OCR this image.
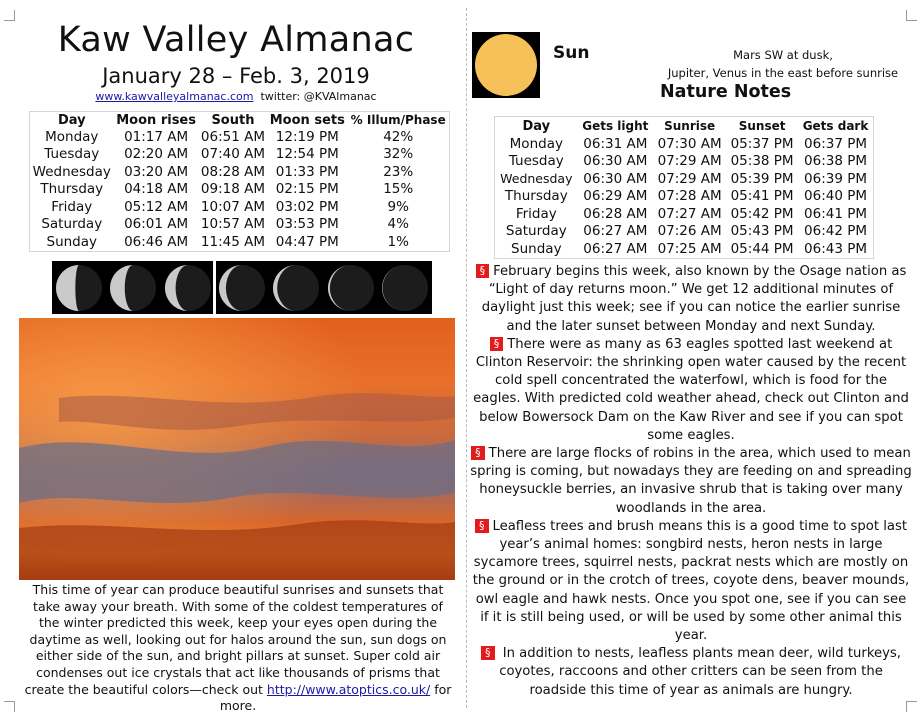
Kaw Valley Almanac
January 28 – Feb. 3, 2019
www.kawvalleyalmanac.com twitter: @KVAlmanac
Day	Moon rises	South	Moon sets	% Illum/Phase
Monday	01:17 AM	06:51 AM	12:19 PM	42%
Tuesday	02:20 AM	07:40 AM	12:54 PM	32%
Wednesday	03:20 AM	08:28 AM	01:33 PM	23%
Thursday	04:18 AM	09:18 AM	02:15 PM	15%
Friday	05:12 AM	10:07 AM	03:02 PM	9%
Saturday	06:01 AM	10:57 AM	03:53 PM	4%
Sunday	06:46 AM	11:45 AM	04:47 PM	1%
This time of year can produce beautiful sunrises and sunsets that take away your breath. With some of the coldest temperatures of the winter predicted this week, keep your eyes open during the daytime as well, looking out for halos around the sun, sun dogs on either side of the sun, and bright pillars at sunset. Super cold air condenses out ice crystals that act like thousands of prisms that create the beautiful colors—check out http://www.atoptics.co.uk/ for more.
Sun	Mars SW at dusk,
Jupiter, Venus in the east before sunrise
Nature Notes
Day	Gets light	Sunrise	Sunset	Gets dark
Monday	06:31 AM	07:30 AM	05:37 PM	06:37 PM
Tuesday	06:30 AM	07:29 AM	05:38 PM	06:38 PM
Wednesday	06:30 AM	07:29 AM	05:39 PM	06:39 PM
Thursday	06:29 AM	07:28 AM	05:41 PM	06:40 PM
Friday	06:28 AM	07:27 AM	05:42 PM	06:41 PM
Saturday	06:27 AM	07:26 AM	05:43 PM	06:42 PM
Sunday	06:27 AM	07:25 AM	05:44 PM	06:43 PM

§ February begins this week, also known by the Osage nation as “Light of day returns moon.” We get 12 additional minutes of daylight just this week; see if you can notice the earlier sunrise and the later sunset between Monday and next Sunday.

§ There were as many as 63 eagles spotted last weekend at Clinton Reservoir: the shrinking open water caused by the recent cold spell concentrated the waterfowl, which is food for the eagles. With predicted cold weather ahead, check out Clinton and below Bowersock Dam on the Kaw River and see if you can spot some eagles.

§ There are large flocks of robins in the area, which used to mean spring is coming, but nowadays they are feeding on and spreading honeysuckle berries, an invasive shrub that is taking over many woodlands in the area.

§ Leafless trees and brush means this is a good time to spot last year’s animal homes: songbird nests, heron nests in large sycamore trees, squirrel nests, packrat nests which are mostly on the ground or in the crotch of trees, coyote dens, beaver mounds, owl eagle and hawk nests. Once you spot one, see if you can see if it is still being used, or will be used by some other animal this year.

§ In addition to nests, leafless plants mean deer, wild turkeys, coyotes, raccoons and other critters can be seen from the roadside this time of year as animals are hungry.
